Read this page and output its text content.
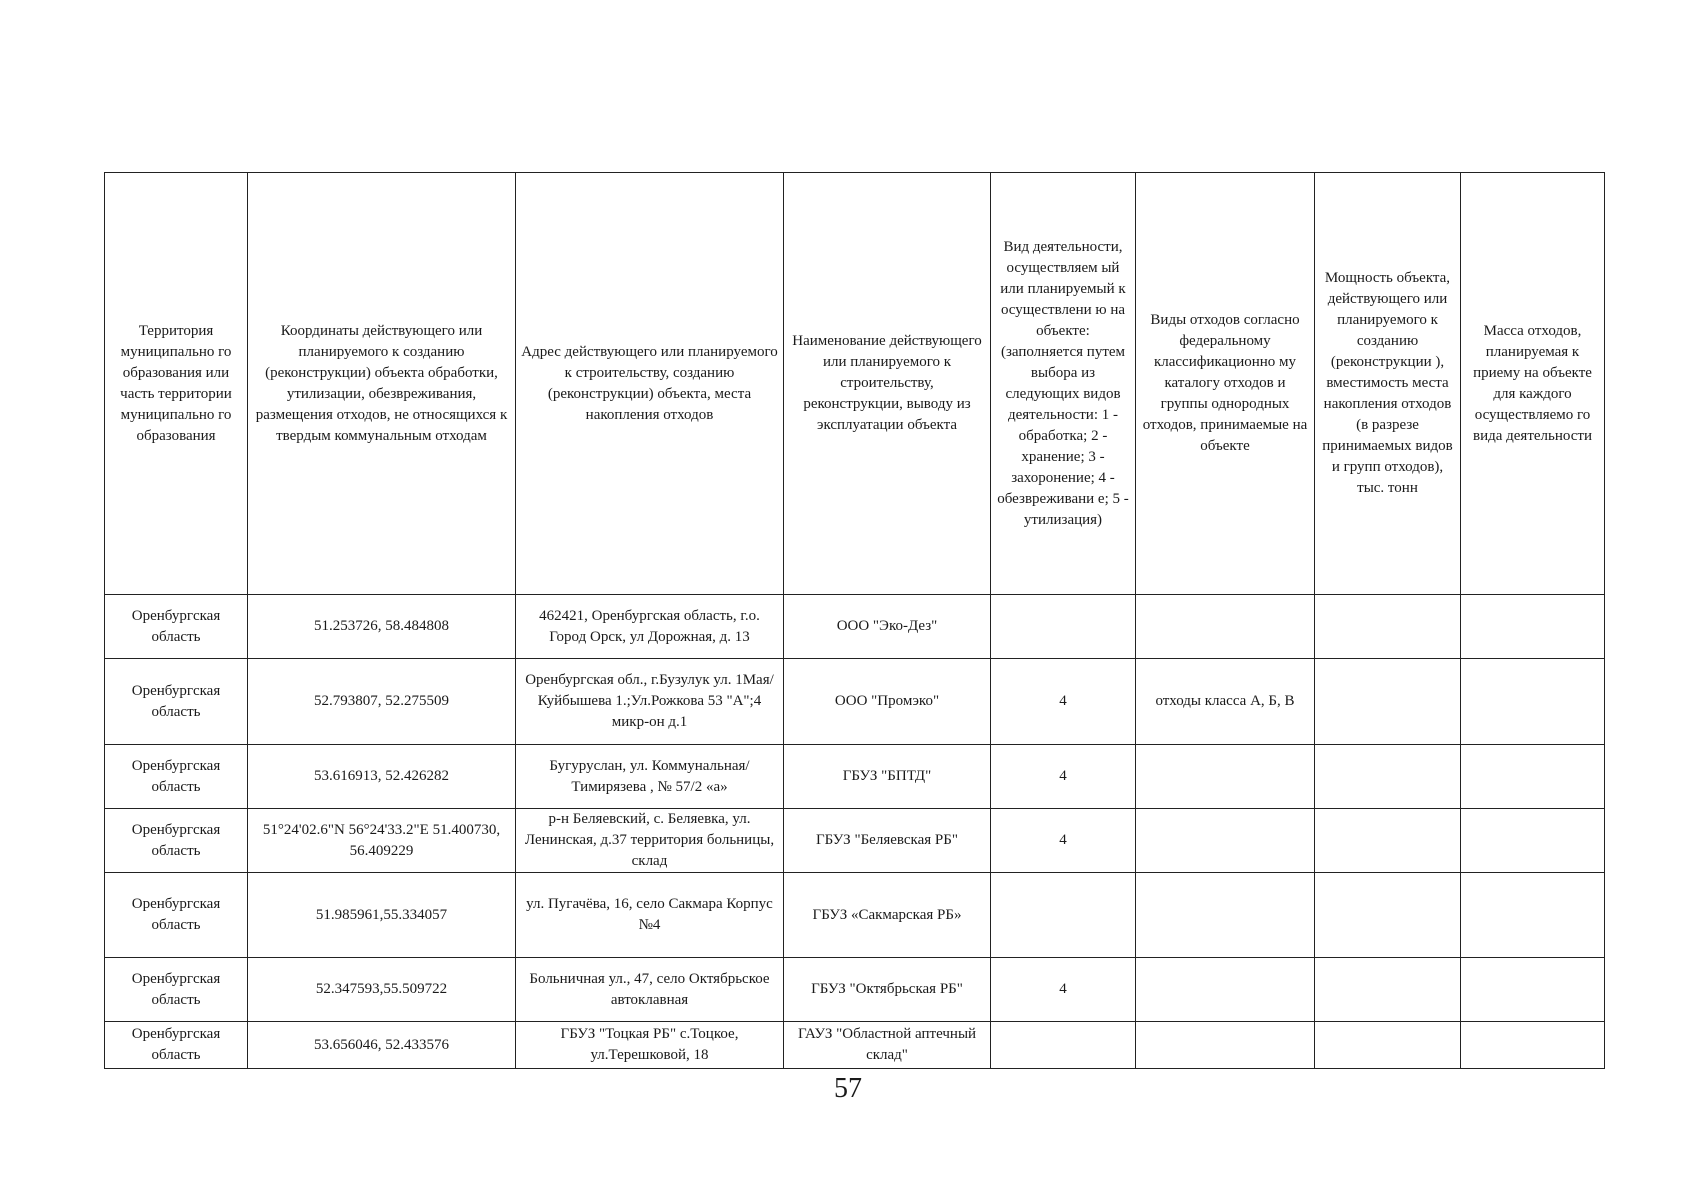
Территория муниципально го образования или часть территории муниципально го образования	Координаты действующего или планируемого к созданию (реконструкции) объекта обработки, утилизации, обезвреживания, размещения отходов, не относящихся к твердым коммунальным отходам	Адрес действующего или планируемого к строительству, созданию (реконструкции) объекта, места накопления отходов	Наименование действующего или планируемого к строительству, реконструкции, выводу из эксплуатации объекта	Вид деятельности, осуществляем ый или планируемый к осуществлени ю на объекте: (заполняется путем выбора из следующих видов деятельности: 1 - обработка; 2 - хранение; 3 - захоронение; 4 - обезвреживани е; 5 - утилизация)	Виды отходов согласно федеральному классификационно му каталогу отходов и группы однородных отходов, принимаемые на объекте	Мощность объекта, действующего или планируемого к созданию (реконструкции ), вместимость места накопления отходов (в разрезе принимаемых видов и групп отходов), тыс. тонн	Масса отходов, планируемая к приему на объекте для каждого осуществляемо го вида деятельности
Оренбургская область	51.253726, 58.484808	462421, Оренбургская область, г.о. Город Орск, ул Дорожная, д. 13	ООО "Эко-Дез"				
Оренбургская область	52.793807, 52.275509	Оренбургская обл., г.Бузулук ул. 1Мая/Куйбышева 1.;Ул.Рожкова 53 "А";4 микр-он д.1	ООО "Промэко"	4	отходы класса А, Б, В		
Оренбургская область	53.616913, 52.426282	Бугуруслан, ул. Коммунальная/Тимирязева , № 57/2 «а»	ГБУЗ "БПТД"	4			
Оренбургская область	51°24'02.6"N 56°24'33.2"E 51.400730, 56.409229	р-н Беляевский, с. Беляевка, ул. Ленинская, д.37 территория больницы, склад	ГБУЗ "Беляевская РБ"	4			
Оренбургская область	51.985961,55.334057	ул. Пугачёва, 16, село Сакмара Корпус №4	ГБУЗ «Сакмарская РБ»				
Оренбургская область	52.347593,55.509722	Больничная ул., 47, село Октябрьское автоклавная	ГБУЗ "Октябрьская РБ"	4			
Оренбургская область	53.656046, 52.433576	ГБУЗ "Тоцкая РБ" с.Тоцкое, ул.Терешковой, 18	ГАУЗ "Областной аптечный склад"				
57
